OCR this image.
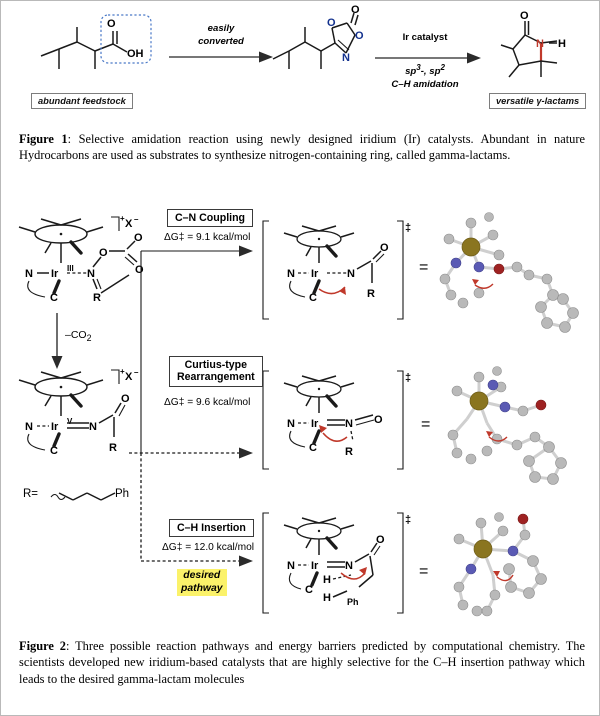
O
OH
O
O
N
O	O
N H
abundant feedstock	versatile γ-lactams
easily
converted	Ir catalyst
$sp^3-$, $sp^2$
C–H amidation
Figure 1: Selective amidation reaction using newly designed iridium (Ir) catalysts. Abundant in nature Hydrocarbons are used as substrates to synthesize nitrogen-containing ring, called gamma-lactams.
Ir III
N
C
N
O
O
O
R
+ X –
Ir V
N
C
N
O
R
+ X –
‡
Ir
N
C
N
O
R
‡
Ir
N
C
N O
R
‡
Ir
N
C
N
O
H
H Ph
$-CO_2$
R=	Ph
C–N Coupling
ΔG‡ = 9.1 kcal/mol
Curtius-type
Rearrangement
ΔG‡ = 9.6 kcal/mol
C–H Insertion
ΔG‡ = 12.0 kcal/mol
desired
pathway
=
=
=
Figure 2: Three possible reaction pathways and energy barriers predicted by computational chemistry. The scientists developed new iridium-based catalysts that are highly selective for the C–H insertion pathway which leads to the desired gamma-lactam molecules
